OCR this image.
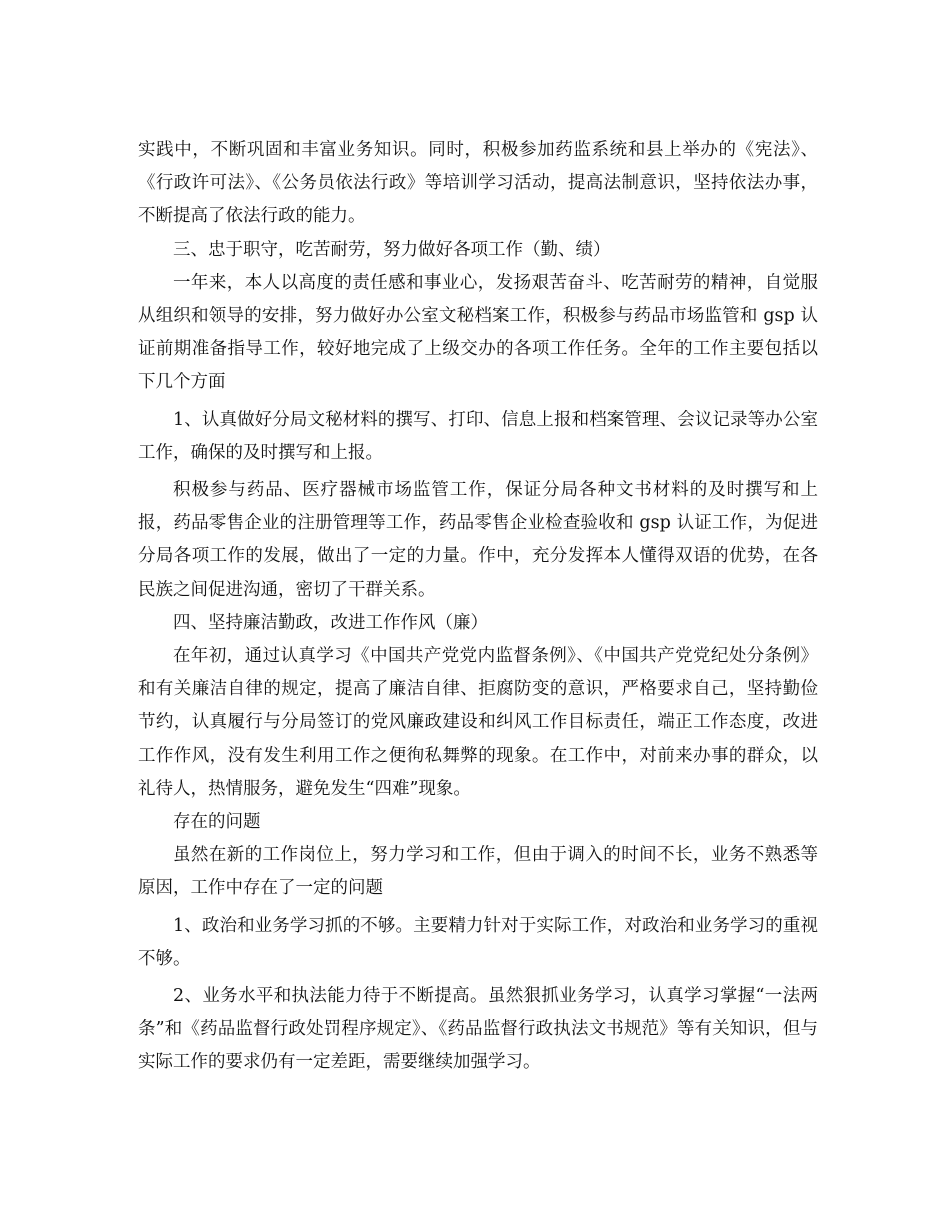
实践中，不断巩固和丰富业务知识。同时，积极参加药监系统和县上举办的《宪法》、《行政许可法》、《公务员依法行政》等培训学习活动，提高法制意识，坚持依法办事，不断提高了依法行政的能力。

三、忠于职守，吃苦耐劳，努力做好各项工作（勤、绩）

一年来，本人以高度的责任感和事业心，发扬艰苦奋斗、吃苦耐劳的精神，自觉服从组织和领导的安排，努力做好办公室文秘档案工作，积极参与药品市场监管和 gsp 认证前期准备指导工作，较好地完成了上级交办的各项工作任务。全年的工作主要包括以下几个方面

1、认真做好分局文秘材料的撰写、打印、信息上报和档案管理、会议记录等办公室工作，确保的及时撰写和上报。

积极参与药品、医疗器械市场监管工作，保证分局各种文书材料的及时撰写和上报，药品零售企业的注册管理等工作，药品零售企业检查验收和 gsp 认证工作，为促进分局各项工作的发展，做出了一定的力量。作中，充分发挥本人懂得双语的优势，在各民族之间促进沟通，密切了干群关系。

四、坚持廉洁勤政，改进工作作风（廉）

在年初，通过认真学习《中国共产党党内监督条例》、《中国共产党党纪处分条例》和有关廉洁自律的规定，提高了廉洁自律、拒腐防变的意识，严格要求自己，坚持勤俭节约，认真履行与分局签订的党风廉政建设和纠风工作目标责任，端正工作态度，改进工作作风，没有发生利用工作之便徇私舞弊的现象。在工作中，对前来办事的群众，以礼待人，热情服务，避免发生“四难”现象。

存在的问题

虽然在新的工作岗位上，努力学习和工作，但由于调入的时间不长，业务不熟悉等原因，工作中存在了一定的问题

1、政治和业务学习抓的不够。主要精力针对于实际工作，对政治和业务学习的重视不够。

2、业务水平和执法能力待于不断提高。虽然狠抓业务学习，认真学习掌握“一法两条”和《药品监督行政处罚程序规定》、《药品监督行政执法文书规范》等有关知识，但与实际工作的要求仍有一定差距，需要继续加强学习。
